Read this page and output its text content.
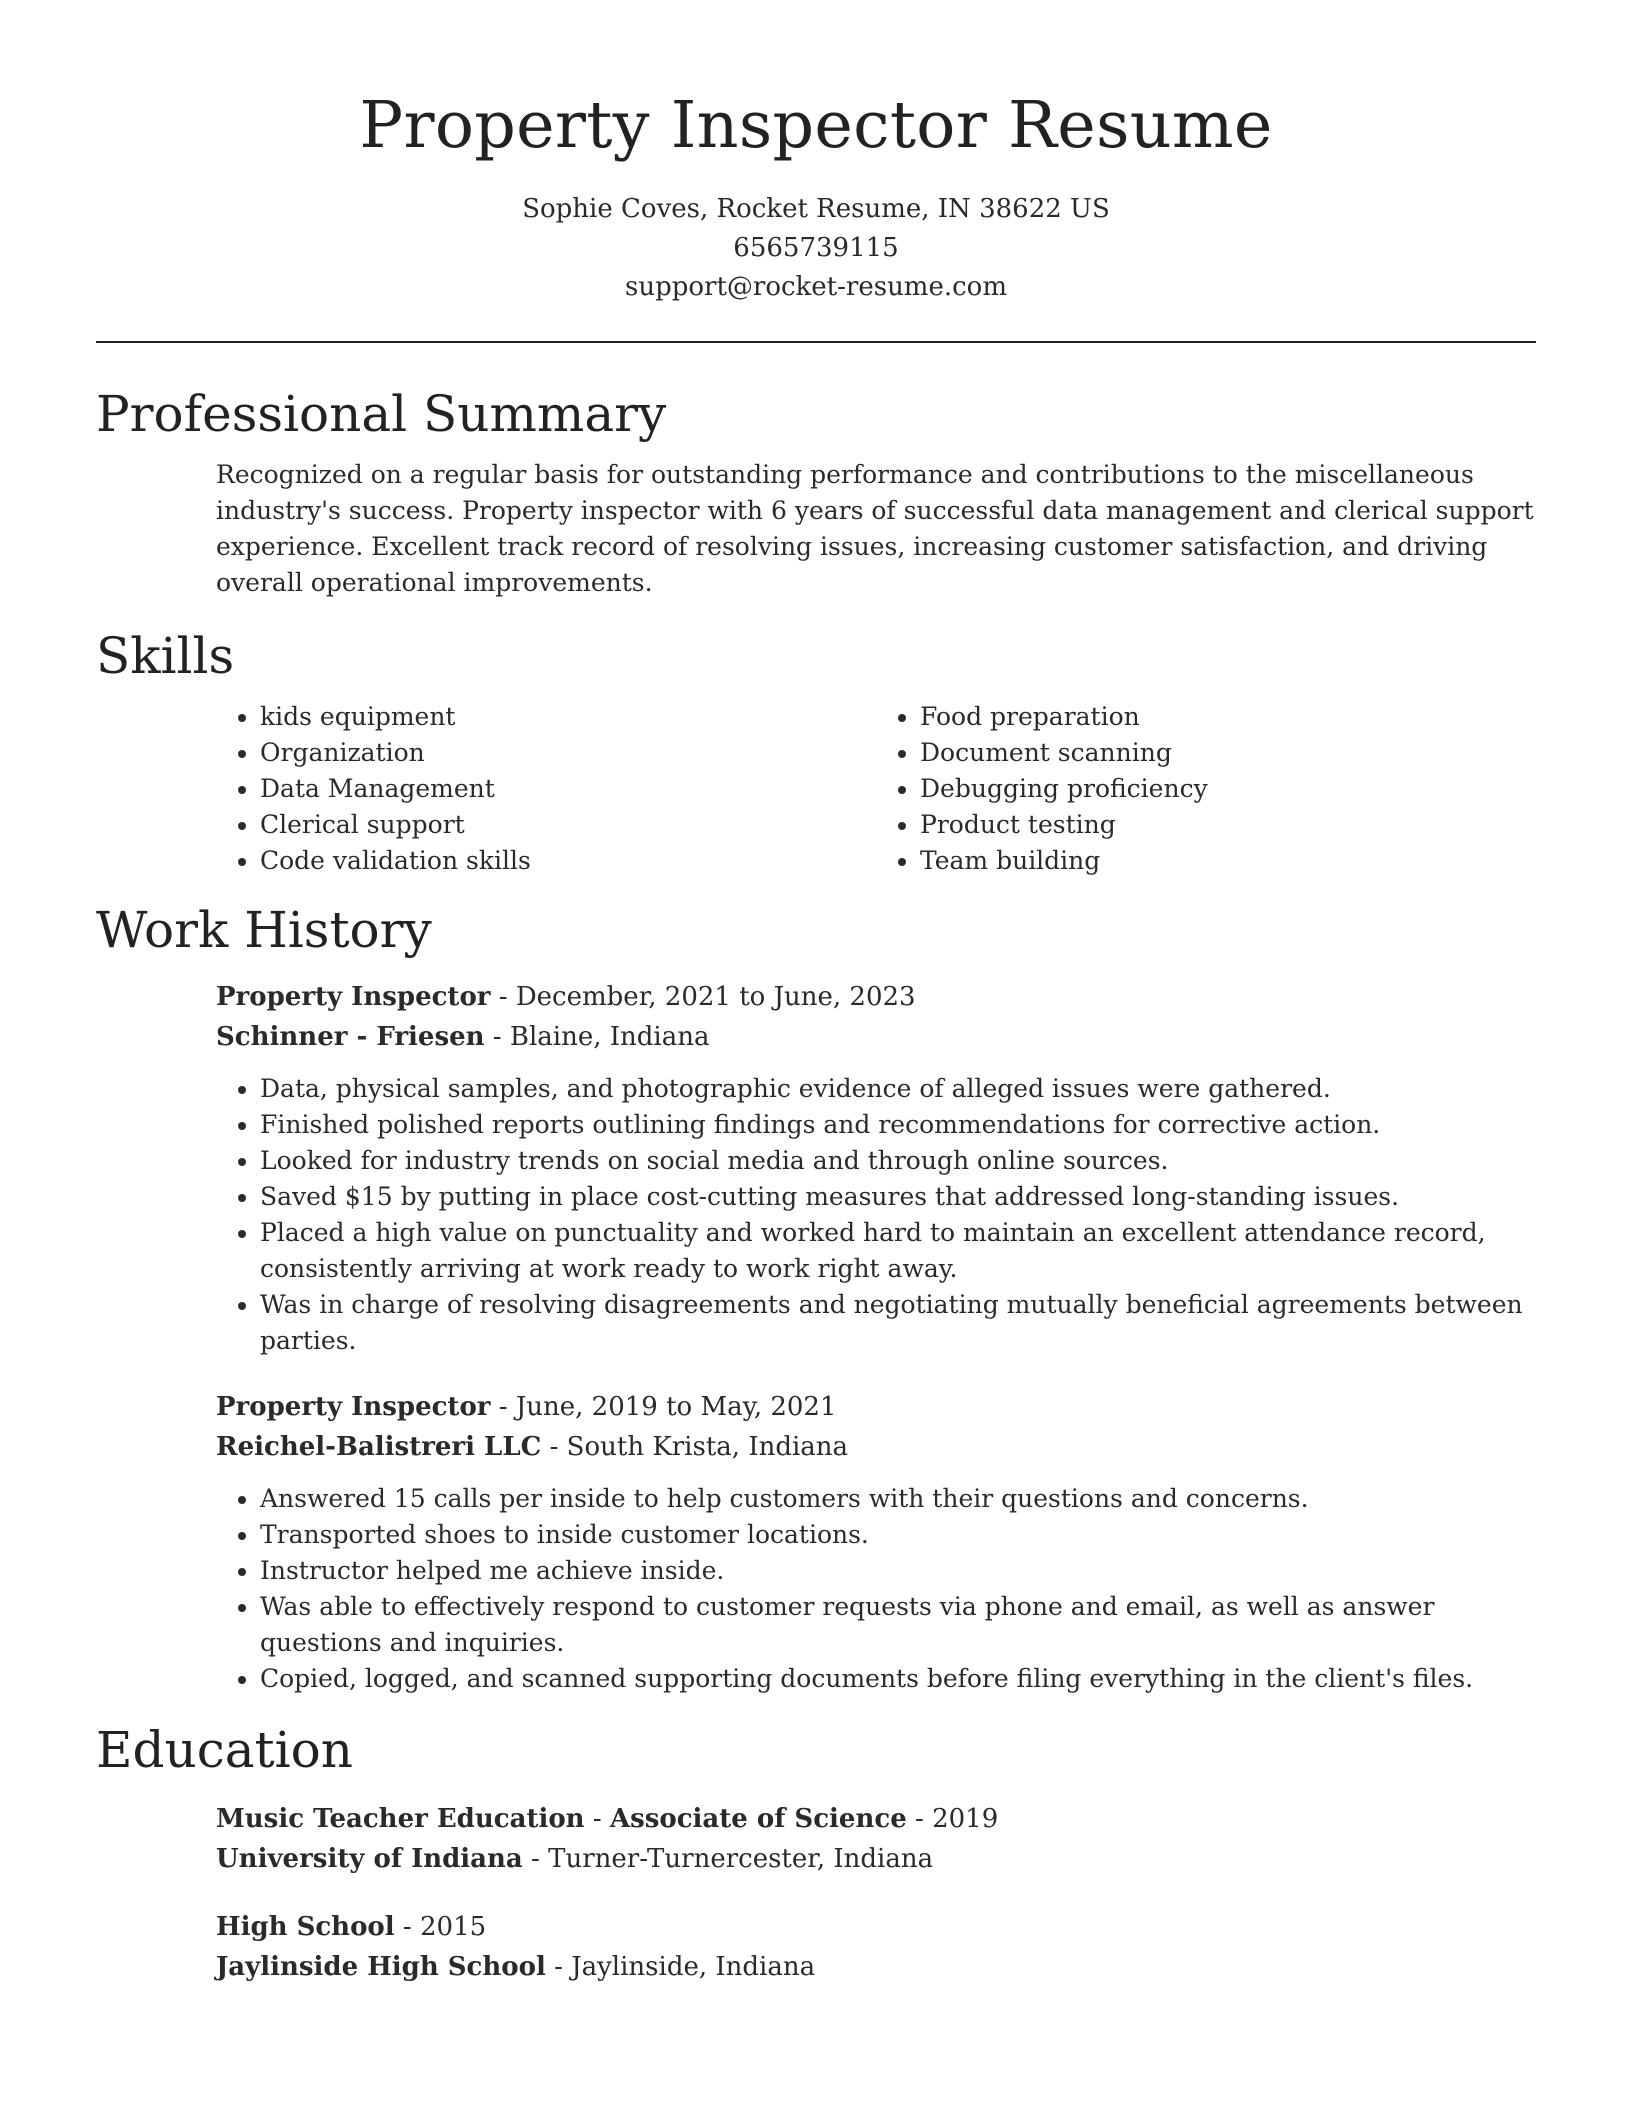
Property Inspector Resume
Sophie Coves, Rocket Resume, IN 38622 US
6565739115
support@rocket-resume.com
Professional Summary
Recognized on a regular basis for outstanding performance and contributions to the miscellaneous industry's success. Property inspector with 6 years of successful data management and clerical support experience. Excellent track record of resolving issues, increasing customer satisfaction, and driving overall operational improvements.
Skills
• kids equipment
• Organization
• Data Management
• Clerical support
• Code validation skills
• Food preparation
• Document scanning
• Debugging proficiency
• Product testing
• Team building
Work History
Property Inspector - December, 2021 to June, 2023
Schinner - Friesen - Blaine, Indiana
• Data, physical samples, and photographic evidence of alleged issues were gathered.
• Finished polished reports outlining findings and recommendations for corrective action.
• Looked for industry trends on social media and through online sources.
• Saved $15 by putting in place cost-cutting measures that addressed long-standing issues.
• Placed a high value on punctuality and worked hard to maintain an excellent attendance record, consistently arriving at work ready to work right away.
• Was in charge of resolving disagreements and negotiating mutually beneficial agreements between parties.
Property Inspector - June, 2019 to May, 2021
Reichel-Balistreri LLC - South Krista, Indiana
• Answered 15 calls per inside to help customers with their questions and concerns.
• Transported shoes to inside customer locations.
• Instructor helped me achieve inside.
• Was able to effectively respond to customer requests via phone and email, as well as answer questions and inquiries.
• Copied, logged, and scanned supporting documents before filing everything in the client's files.
Education
Music Teacher Education - Associate of Science - 2019
University of Indiana - Turner-Turnercester, Indiana
High School - 2015
Jaylinside High School - Jaylinside, Indiana
